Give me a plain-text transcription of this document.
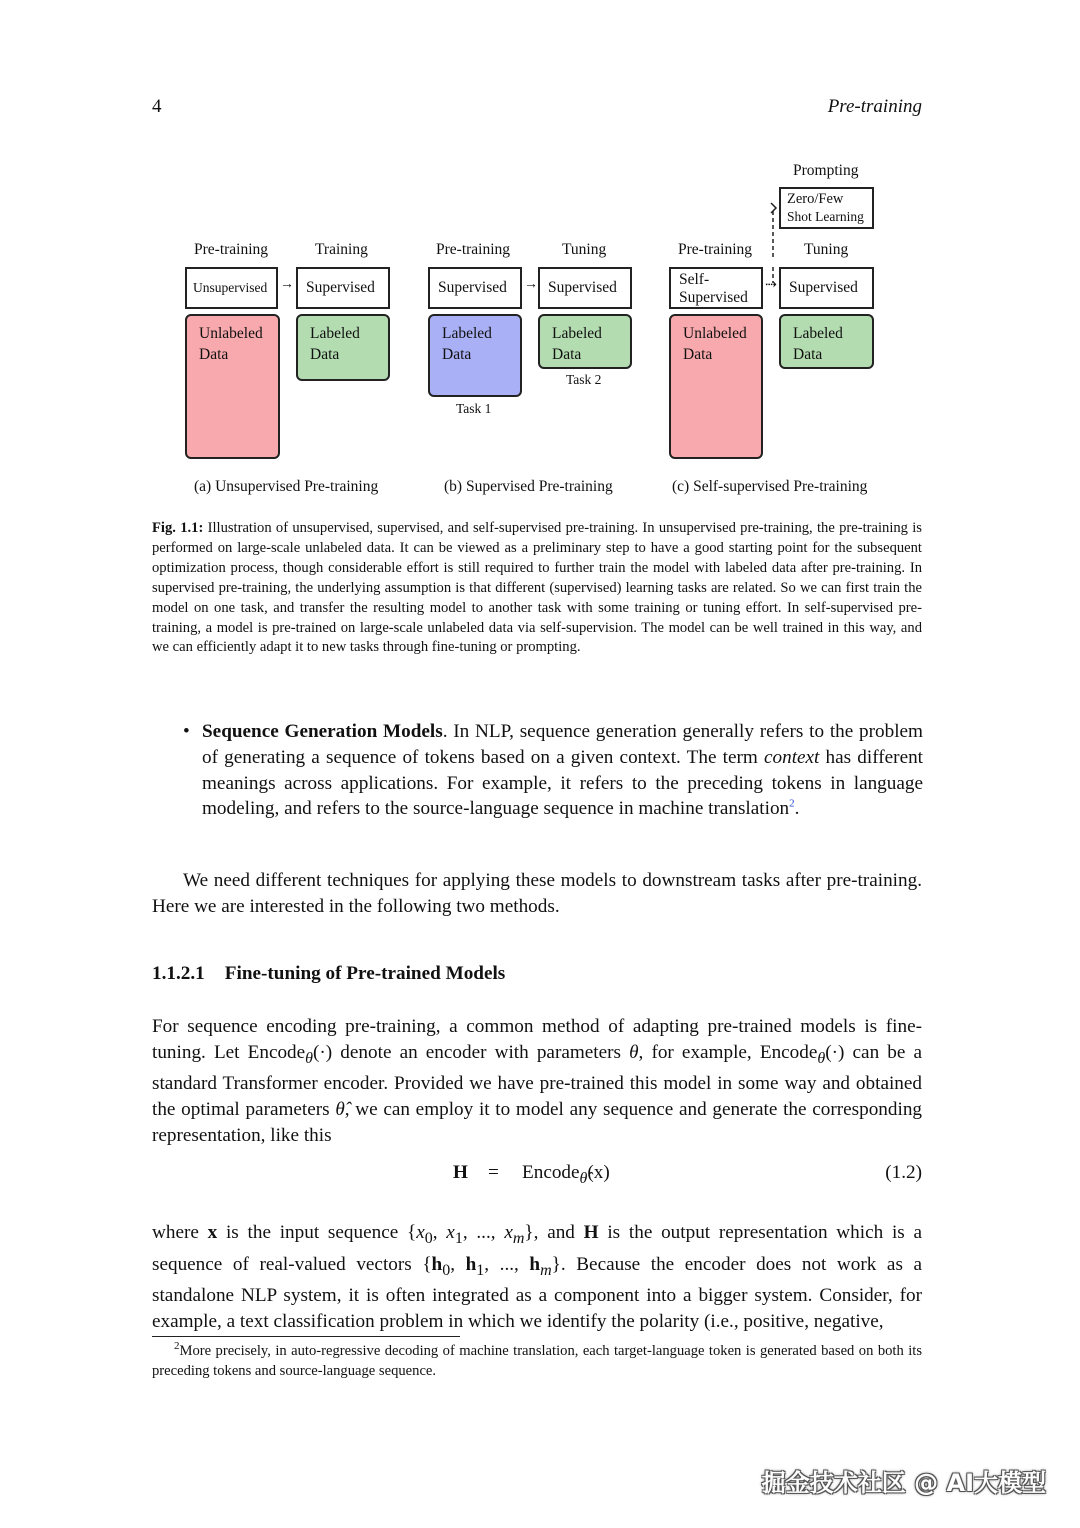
4	Pre-training
Pre-training	Training
Unsupervised → Supervised
Unlabeled
Data
Labeled
Data
(a) Unsupervised Pre-training
Pre-training	Tuning
Supervised	→ Supervised
Labeled
Data
Task 1
Labeled
Data
Task 2
(b) Supervised Pre-training
Prompting
Zero/Few
Shot Learning
Pre-training	Tuning
Self-
Supervised
⇢ Supervised
Unlabeled
Data
Labeled
Data
(c) Self-supervised Pre-training
Fig. 1.1: Illustration of unsupervised, supervised, and self-supervised pre-training. In unsupervised pre-training, the pre-training is performed on large-scale unlabeled data. It can be viewed as a preliminary step to have a good starting point for the subsequent optimization process, though considerable effort is still required to further train the model with labeled data after pre-training. In supervised pre-training, the underlying assumption is that different (supervised) learning tasks are related. So we can first train the model on one task, and transfer the resulting model to another task with some training or tuning effort. In self-supervised pre-training, a model is pre-trained on large-scale unlabeled data via self-supervision. The model can be well trained in this way, and we can efficiently adapt it to new tasks through fine-tuning or prompting.
• Sequence Generation Models. In NLP, sequence generation generally refers to the problem of generating a sequence of tokens based on a given context. The term context has different meanings across applications. For example, it refers to the preceding tokens in language modeling, and refers to the source-language sequence in machine translation$^2$.
We need different techniques for applying these models to downstream tasks after pre-training. Here we are interested in the following two methods.
1.1.2.1 Fine-tuning of Pre-trained Models
For sequence encoding pre-training, a common method of adapting pre-trained models is fine-tuning. Let Encode$_\theta$(·) denote an encoder with parameters θ, for example, Encode$_\theta$(·) can be a standard Transformer encoder. Provided we have pre-trained this model in some way and obtained the optimal parameters θ̂, we can employ it to model any sequence and generate the corresponding representation, like this
H = Encode$_{\thetâ}$(x)	(1.2)
where x is the input sequence {$x_0$, $x_1$, ..., $x_m$}, and H is the output representation which is a sequence of real-valued vectors {$h_0$, $h_1$, ..., $h_m$}. Because the encoder does not work as a standalone NLP system, it is often integrated as a component into a bigger system. Consider, for example, a text classification problem in which we identify the polarity (i.e., positive, negative,
$^2$More precisely, in auto-regressive decoding of machine translation, each target-language token is generated based on both its preceding tokens and source-language sequence.
掘金技术社区 @ AI大模型
